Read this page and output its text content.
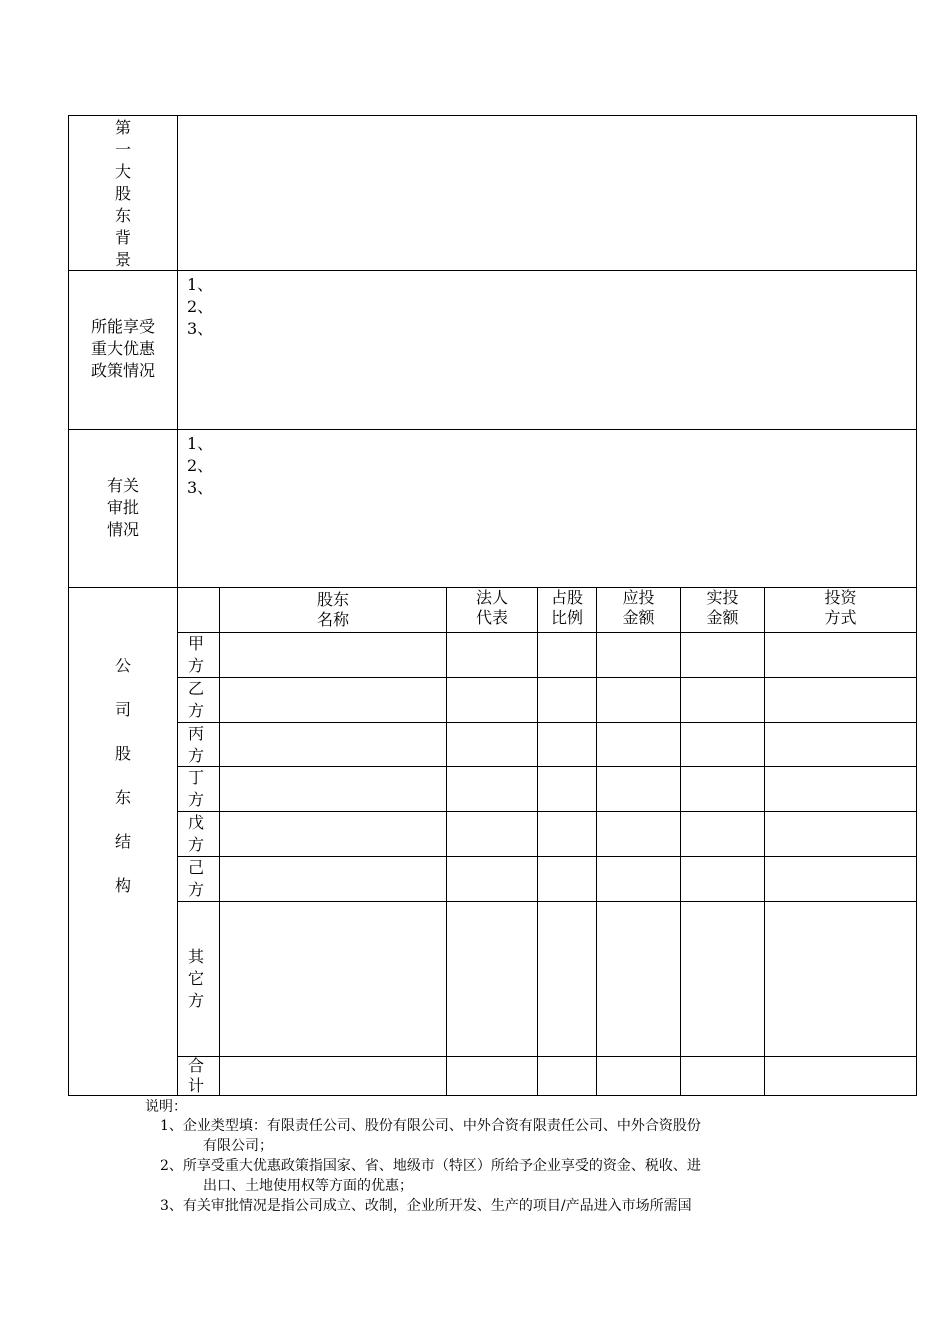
第
一
大
股
东
背
景
所能享受
重大优惠
政策情况
1、
2、
3、
有关
审批
情况
1、
2、
3、
公
司
股
东
结
构
股东
名称
法人
代表
占股
比例
应投
金额
实投
金额
投资
方式
甲
方
乙
方
丙
方
丁
方
戊
方
己
方
其
它
方
合
计
说明：
1、企业类型填：有限责任公司、股份有限公司、中外合资有限责任公司、中外合资股份
有限公司；
2、所享受重大优惠政策指国家、省、地级市（特区）所给予企业享受的资金、税收、进
出口、土地使用权等方面的优惠；
3、有关审批情况是指公司成立、改制，企业所开发、生产的项目/产品进入市场所需国
